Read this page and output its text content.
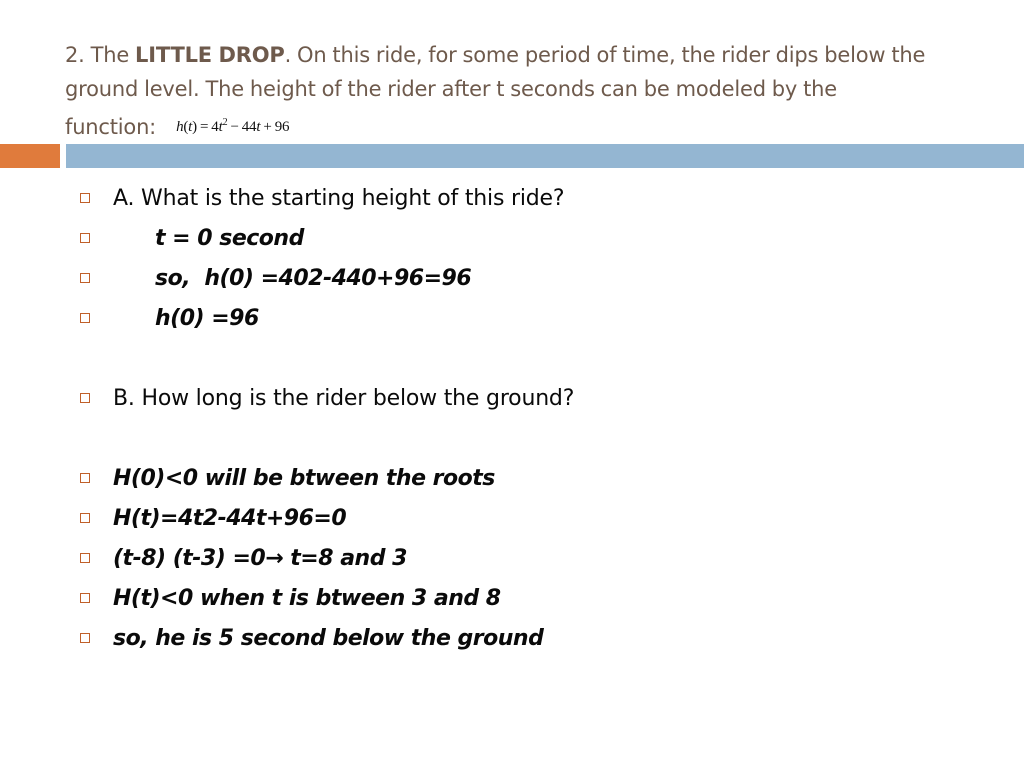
2. The LITTLE DROP. On this ride, for some period of time, the rider dips below the ground level. The height of the rider after t seconds can be modeled by the function: $h(t) = 4t^2 - 44t + 96$
A. What is the starting height of this ride?
t = 0 second
so,  h(0) =402-440+96=96
h(0) =96
B. How long is the rider below the ground?
H(0)<0 will be btween the roots
H(t)=4t2-44t+96=0
(t-8) (t-3) =0→ t=8 and 3
H(t)<0 when t is btween 3 and 8
so, he is 5 second below the ground
